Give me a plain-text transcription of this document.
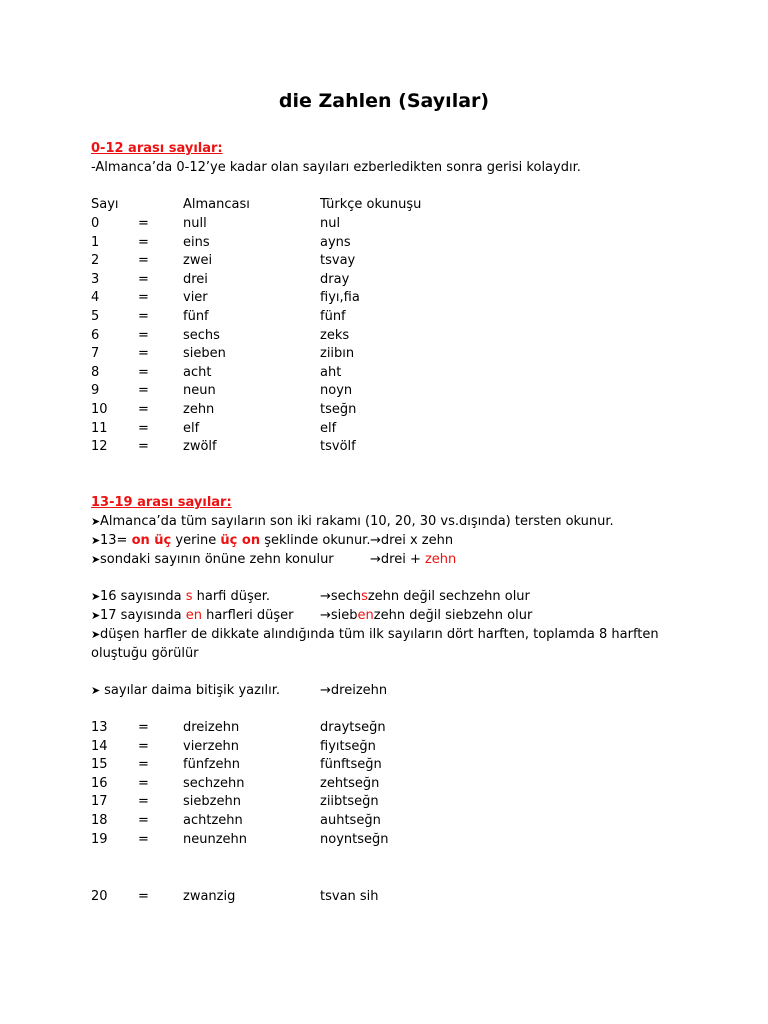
die Zahlen (Sayılar)
0-12 arası sayılar:
-Almanca’da 0-12’ye kadar olan sayıları ezberledikten sonra gerisi kolaydır.
Sayı	Almancası	Türkçe okunuşu
0	=	null	nul
1	=	eins	ayns
2	=	zwei	tsvay
3	=	drei	dray
4	=	vier	fiyı,fia
5	=	fünf	fünf
6	=	sechs	zeks
7	=	sieben	ziibın
8	=	acht	aht
9	=	neun	noyn
10 =	zehn	tseğn
11 =	elf	elf
12 =	zwölf	tsvölf
13-19 arası sayılar:
➤Almanca’da tüm sayıların son iki rakamı (10, 20, 30 vs.dışında) tersten okunur.
➤13= on üç yerine üç on şeklinde okunur. →drei x zehn
➤sondaki sayının önüne zehn konulur	→drei + zehn
➤16 sayısında s harfi düşer.	→sechszehn değil sechzehn olur
➤17 sayısında en harfleri düşer →siebenzehn değil siebzehn olur
➤düşen harfler de dikkate alındığında tüm ilk sayıların dört harften, toplamda 8 harften
oluştuğu görülür
➤ sayılar daima bitişik yazılır.	→dreizehn
13 =	dreizehn	draytseğn
14 =	vierzehn	fiyıtseğn
15 =	fünfzehn	fünftseğn
16 =	sechzehn	zehtseğn
17 =	siebzehn	ziibtseğn
18 =	achtzehn	auhtseğn
19 =	neunzehn	noyntseğn
20 =	zwanzig	tsvan sih
